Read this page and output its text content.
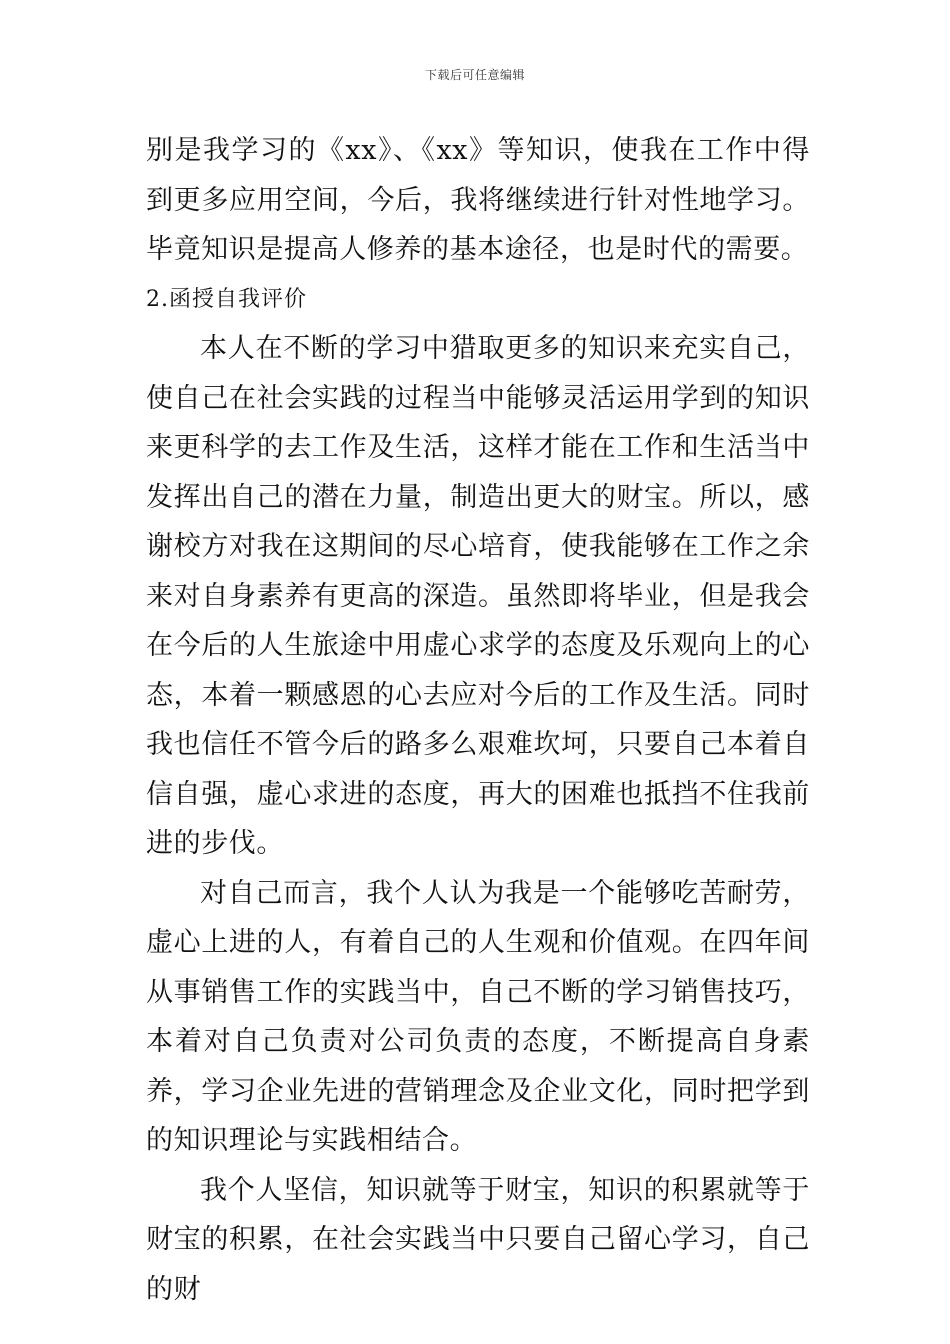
下载后可任意编辑

别是我学习的《xx》、《xx》等知识，使我在工作中得到更多应用空间，今后，我将继续进行针对性地学习。毕竟知识是提高人修养的基本途径，也是时代的需要。

2.函授自我评价

本人在不断的学习中猎取更多的知识来充实自己，使自己在社会实践的过程当中能够灵活运用学到的知识来更科学的去工作及生活，这样才能在工作和生活当中发挥出自己的潜在力量，制造出更大的财宝。所以，感谢校方对我在这期间的尽心培育，使我能够在工作之余来对自身素养有更高的深造。虽然即将毕业，但是我会在今后的人生旅途中用虚心求学的态度及乐观向上的心态，本着一颗感恩的心去应对今后的工作及生活。同时我也信任不管今后的路多么艰难坎坷，只要自己本着自信自强，虚心求进的态度，再大的困难也抵挡不住我前进的步伐。

对自己而言，我个人认为我是一个能够吃苦耐劳，虚心上进的人，有着自己的人生观和价值观。在四年间从事销售工作的实践当中，自己不断的学习销售技巧，本着对自己负责对公司负责的态度，不断提高自身素养，学习企业先进的营销理念及企业文化，同时把学到的知识理论与实践相结合。

我个人坚信，知识就等于财宝，知识的积累就等于财宝的积累，在社会实践当中只要自己留心学习，自己的财
